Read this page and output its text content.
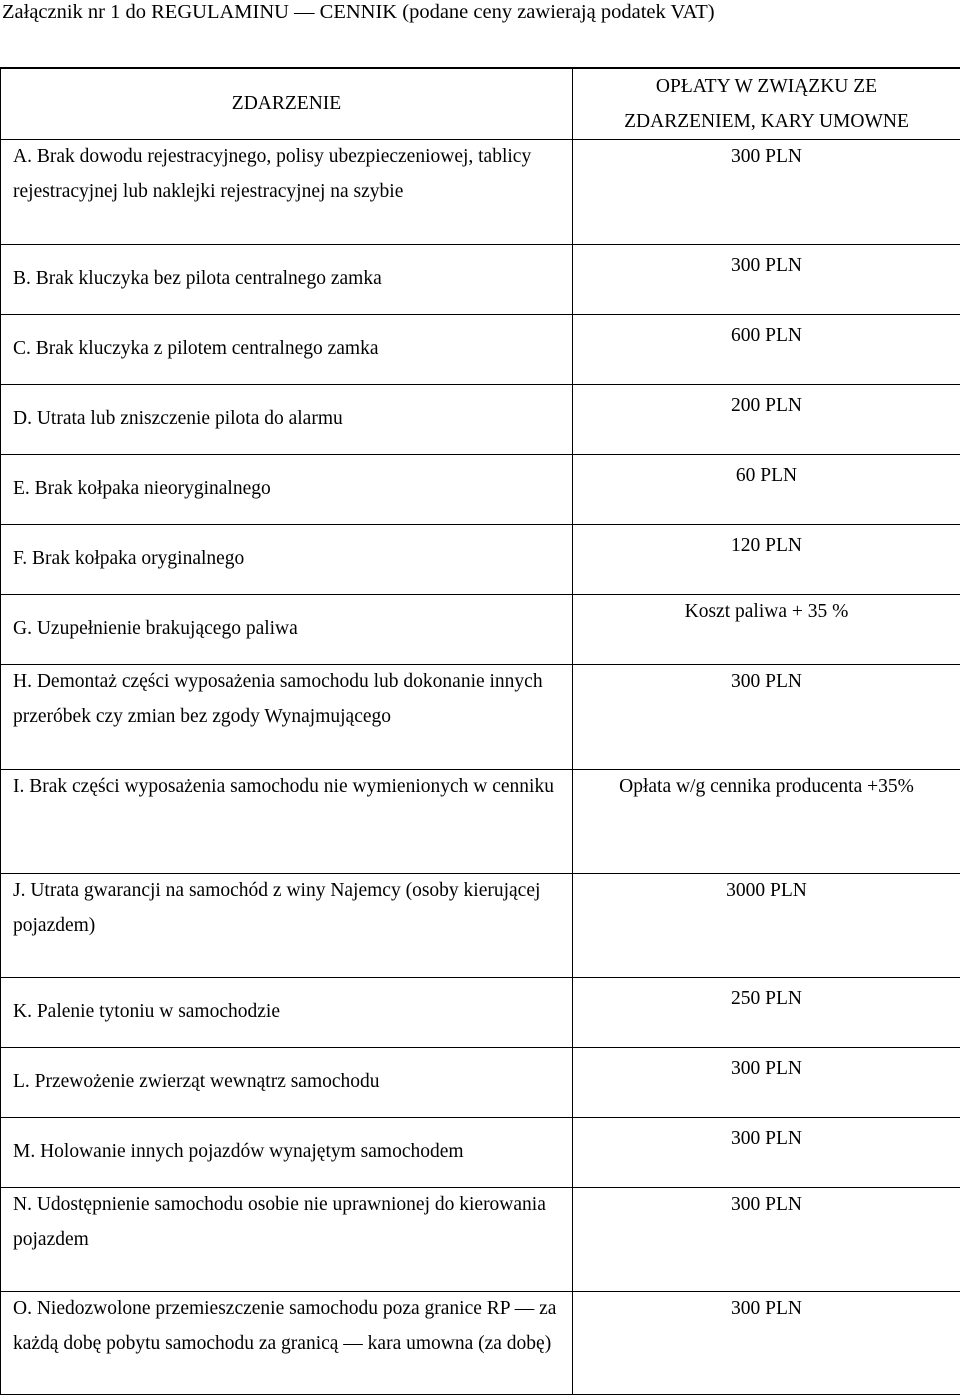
Załącznik nr 1 do REGULAMINU — CENNIK (podane ceny zawierają podatek VAT)
ZDARZENIE	OPŁATY W ZWIĄZKU ZE
ZDARZENIEM, KARY UMOWNE

A. Brak dowodu rejestracyjnego, polisy ubezpieczeniowej, tablicy rejestracyjnej lub naklejki rejestracyjnej na szybie	300 PLN

B. Brak kluczyka bez pilota centralnego zamka	300 PLN

C. Brak kluczyka z pilotem centralnego zamka	600 PLN

D. Utrata lub zniszczenie pilota do alarmu	200 PLN

E. Brak kołpaka nieoryginalnego	60 PLN

F. Brak kołpaka oryginalnego	120 PLN

G. Uzupełnienie brakującego paliwa	Koszt paliwa + 35 %

H. Demontaż części wyposażenia samochodu lub dokonanie innych przeróbek czy zmian bez zgody Wynajmującego	300 PLN

I. Brak części wyposażenia samochodu nie wymienionych w cenniku	Opłata w/g cennika producenta +35%

J. Utrata gwarancji na samochód z winy Najemcy (osoby kierującej pojazdem)	3000 PLN

K. Palenie tytoniu w samochodzie	250 PLN

L. Przewożenie zwierząt wewnątrz samochodu	300 PLN

M. Holowanie innych pojazdów wynajętym samochodem	300 PLN

N. Udostępnienie samochodu osobie nie uprawnionej do kierowania pojazdem	300 PLN

O. Niedozwolone przemieszczenie samochodu poza granice RP — za każdą dobę pobytu samochodu za granicą — kara umowna (za dobę)	300 PLN
